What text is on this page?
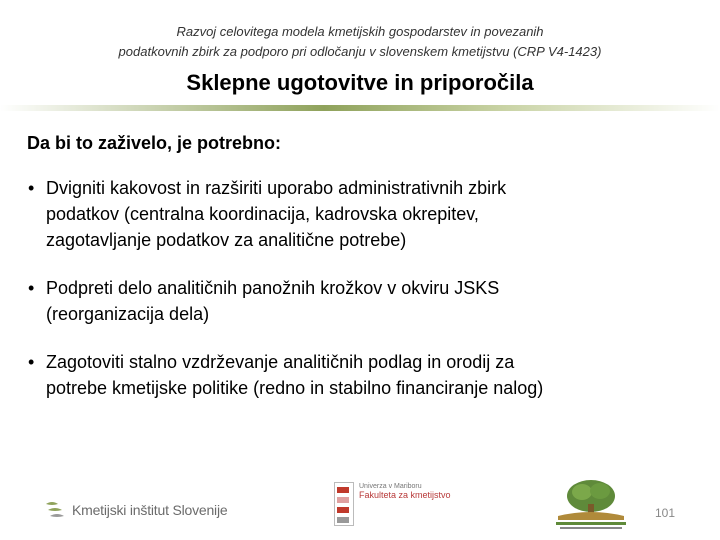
Razvoj celovitega modela kmetijskih gospodarstev in povezanih
podatkovnih zbirk za podporo pri odločanju v slovenskem kmetijstvu (CRP V4-1423)
Sklepne ugotovitve in priporočila
Da bi to zaživelo, je potrebno:
• Dvigniti kakovost in razširiti uporabo administrativnih zbirk
podatkov (centralna koordinacija, kadrovska okrepitev,
zagotavljanje podatkov za analitične potrebe)
• Podpreti delo analitičnih panožnih krožkov v okviru JSKS
(reorganizacija dela)
• Zagotoviti stalno vzdrževanje analitičnih podlag in orodij za
potrebe kmetijske politike (redno in stabilno financiranje nalog)
Kmetijski inštitut Slovenije
Univerza v Mariboru
Fakulteta za kmetijstvo
101
